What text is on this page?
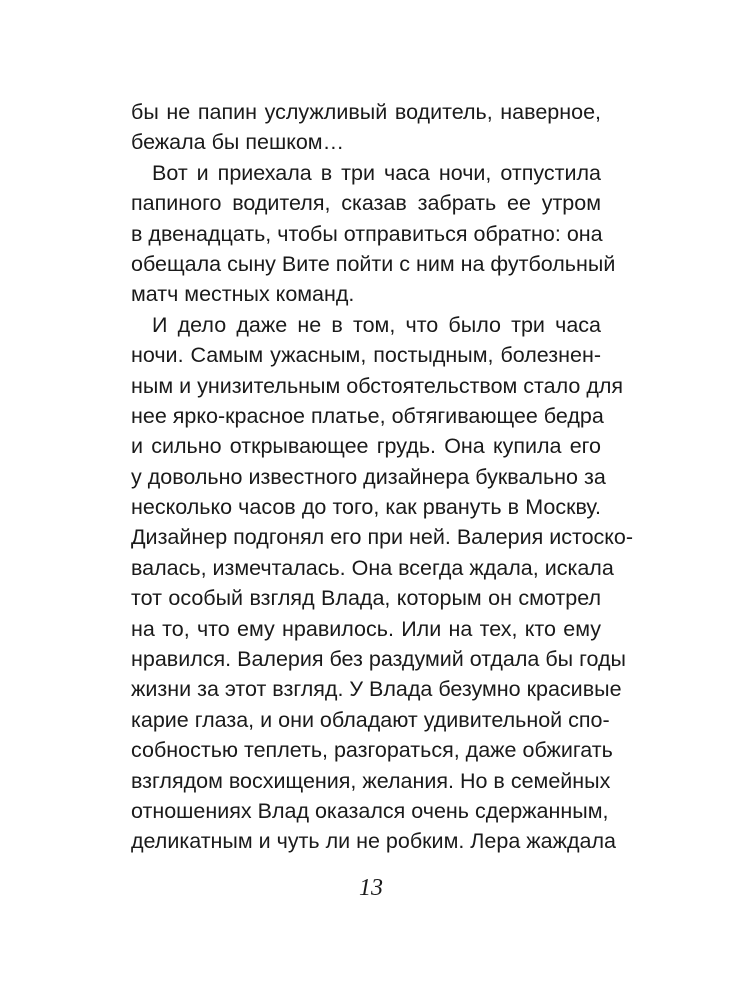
бы не папин услужливый водитель, наверное,
бежала бы пешком…
Вот и приехала в три часа ночи, отпустила
папиного водителя, сказав забрать ее утром
в двенадцать, чтобы отправиться обратно: она
обещала сыну Вите пойти с ним на футбольный
матч местных команд.
И дело даже не в том, что было три часа
ночи. Самым ужасным, постыдным, болезнен-
ным и унизительным обстоятельством стало для
нее ярко-красное платье, обтягивающее бедра
и сильно открывающее грудь. Она купила его
у довольно известного дизайнера буквально за
несколько часов до того, как рвануть в Москву.
Дизайнер подгонял его при ней. Валерия истоско-
валась, измечталась. Она всегда ждала, искала
тот особый взгляд Влада, которым он смотрел
на то, что ему нравилось. Или на тех, кто ему
нравился. Валерия без раздумий отдала бы годы
жизни за этот взгляд. У Влада безумно красивые
карие глаза, и они обладают удивительной спо-
собностью теплеть, разгораться, даже обжигать
взглядом восхищения, желания. Но в семейных
отношениях Влад оказался очень сдержанным,
деликатным и чуть ли не робким. Лера жаждала
13
